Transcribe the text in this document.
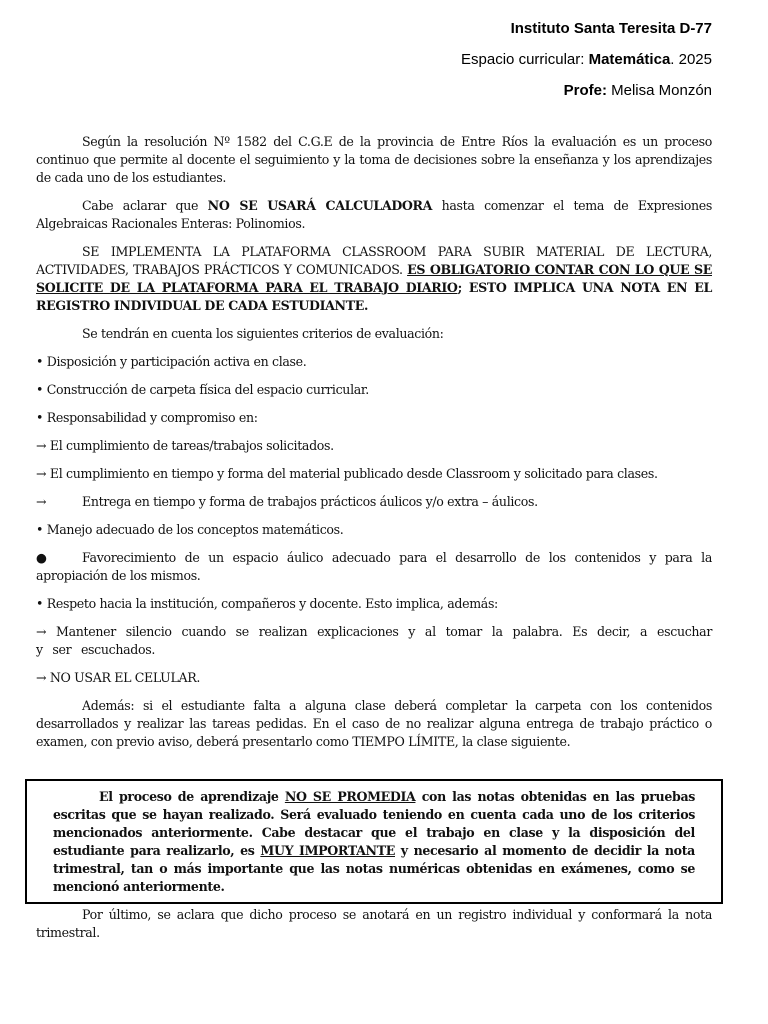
Instituto Santa Teresita D-77
Espacio curricular: Matemática. 2025
Profe: Melisa Monzón

Según la resolución Nº 1582 del C.G.E de la provincia de Entre Ríos la evaluación es un proceso continuo que permite al docente el seguimiento y la toma de decisiones sobre la enseñanza y los aprendizajes de cada uno de los estudiantes.

Cabe aclarar que NO SE USARÁ CALCULADORA hasta comenzar el tema de Expresiones Algebraicas Racionales Enteras: Polinomios.

SE IMPLEMENTA LA PLATAFORMA CLASSROOM PARA SUBIR MATERIAL DE LECTURA, ACTIVIDADES, TRABAJOS PRÁCTICOS Y COMUNICADOS. ES OBLIGATORIO CONTAR CON LO QUE SE SOLICITE DE LA PLATAFORMA PARA EL TRABAJO DIARIO; ESTO IMPLICA UNA NOTA EN EL REGISTRO INDIVIDUAL DE CADA ESTUDIANTE.

Se tendrán en cuenta los siguientes criterios de evaluación:

• Disposición y participación activa en clase.

• Construcción de carpeta física del espacio curricular.

• Responsabilidad y compromiso en:

→ El cumplimiento de tareas/trabajos solicitados.

→ El cumplimiento en tiempo y forma del material publicado desde Classroom y solicitado para clases.

→	Entrega en tiempo y forma de trabajos prácticos áulicos y/o extra – áulicos.

• Manejo adecuado de los conceptos matemáticos.

●	Favorecimiento de un espacio áulico adecuado para el desarrollo de los contenidos y para la apropiación de los mismos.

• Respeto hacia la institución, compañeros y docente. Esto implica, además:

→ Mantener silencio cuando se realizan explicaciones y al tomar la palabra. Es decir, a escuchar y ser escuchados.

→ NO USAR EL CELULAR.

Además: si el estudiante falta a alguna clase deberá completar la carpeta con los contenidos desarrollados y realizar las tareas pedidas. En el caso de no realizar alguna entrega de trabajo práctico o examen, con previo aviso, deberá presentarlo como TIEMPO LÍMITE, la clase siguiente.

El proceso de aprendizaje NO SE PROMEDIA con las notas obtenidas en las pruebas escritas que se hayan realizado. Será evaluado teniendo en cuenta cada uno de los criterios mencionados anteriormente. Cabe destacar que el trabajo en clase y la disposición del estudiante para realizarlo, es MUY IMPORTANTE y necesario al momento de decidir la nota trimestral, tan o más importante que las notas numéricas obtenidas en exámenes, como se mencionó anteriormente.

Por último, se aclara que dicho proceso se anotará en un registro individual y conformará la nota trimestral.
